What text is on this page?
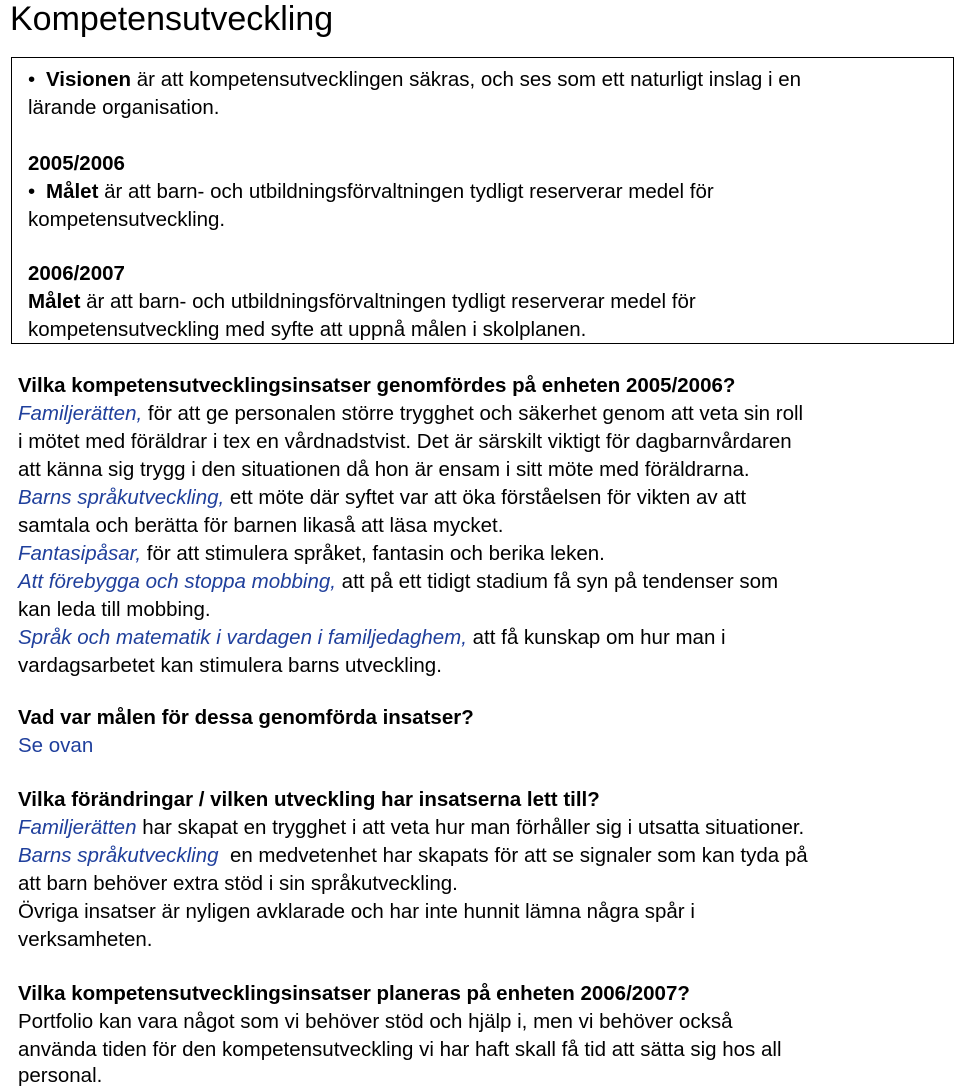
Kompetensutveckling

• Visionen är att kompetensutvecklingen säkras, och ses som ett naturligt inslag i en

lärande organisation.

2005/2006

• Målet är att barn- och utbildningsförvaltningen tydligt reserverar medel för

kompetensutveckling.

2006/2007

Målet är att barn- och utbildningsförvaltningen tydligt reserverar medel för

kompetensutveckling med syfte att uppnå målen i skolplanen.

Vilka kompetensutvecklingsinsatser genomfördes på enheten 2005/2006?

Familjerätten, för att ge personalen större trygghet och säkerhet genom att veta sin roll

i mötet med föräldrar i tex en vårdnadstvist. Det är särskilt viktigt för dagbarnvårdaren

att känna sig trygg i den situationen då hon är ensam i sitt möte med föräldrarna.

Barns språkutveckling, ett möte där syftet var att öka förståelsen för vikten av att

samtala och berätta för barnen likaså att läsa mycket.

Fantasipåsar, för att stimulera språket, fantasin och berika leken.

Att förebygga och stoppa mobbing, att på ett tidigt stadium få syn på tendenser som

kan leda till mobbing.

Språk och matematik i vardagen i familjedaghem, att få kunskap om hur man i

vardagsarbetet kan stimulera barns utveckling.

Vad var målen för dessa genomförda insatser?

Se ovan

Vilka förändringar / vilken utveckling har insatserna lett till?

Familjerätten har skapat en trygghet i att veta hur man förhåller sig i utsatta situationer.

Barns språkutveckling  en medvetenhet har skapats för att se signaler som kan tyda på

att barn behöver extra stöd i sin språkutveckling.

Övriga insatser är nyligen avklarade och har inte hunnit lämna några spår i

verksamheten.

Vilka kompetensutvecklingsinsatser planeras på enheten 2006/2007?

Portfolio kan vara något som vi behöver stöd och hjälp i, men vi behöver också

använda tiden för den kompetensutveckling vi har haft skall få tid att sätta sig hos all

personal.
